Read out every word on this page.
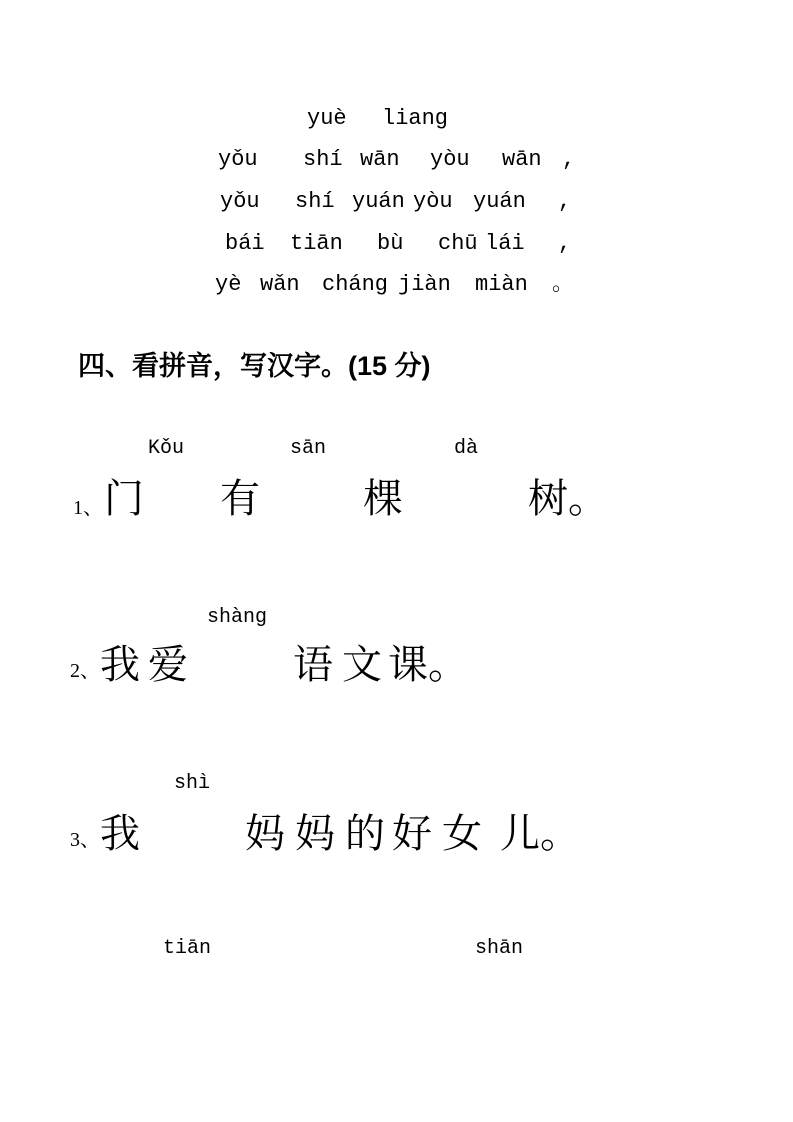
yuè liang
yǒu shí wān yòu wān ,
yǒu shí yuán yòu yuán ,
bái tiān bù chū lái ,
yè wǎn cháng jiàn miàn 。
四、看拼音，写汉字。(15 分)
Kǒu	sān	dà
1、 门 有	棵	树。
shàng
2、 我 爱	语 文 课。
shì
3、 我	妈 妈 的 好 女 儿。
tiān	shān
